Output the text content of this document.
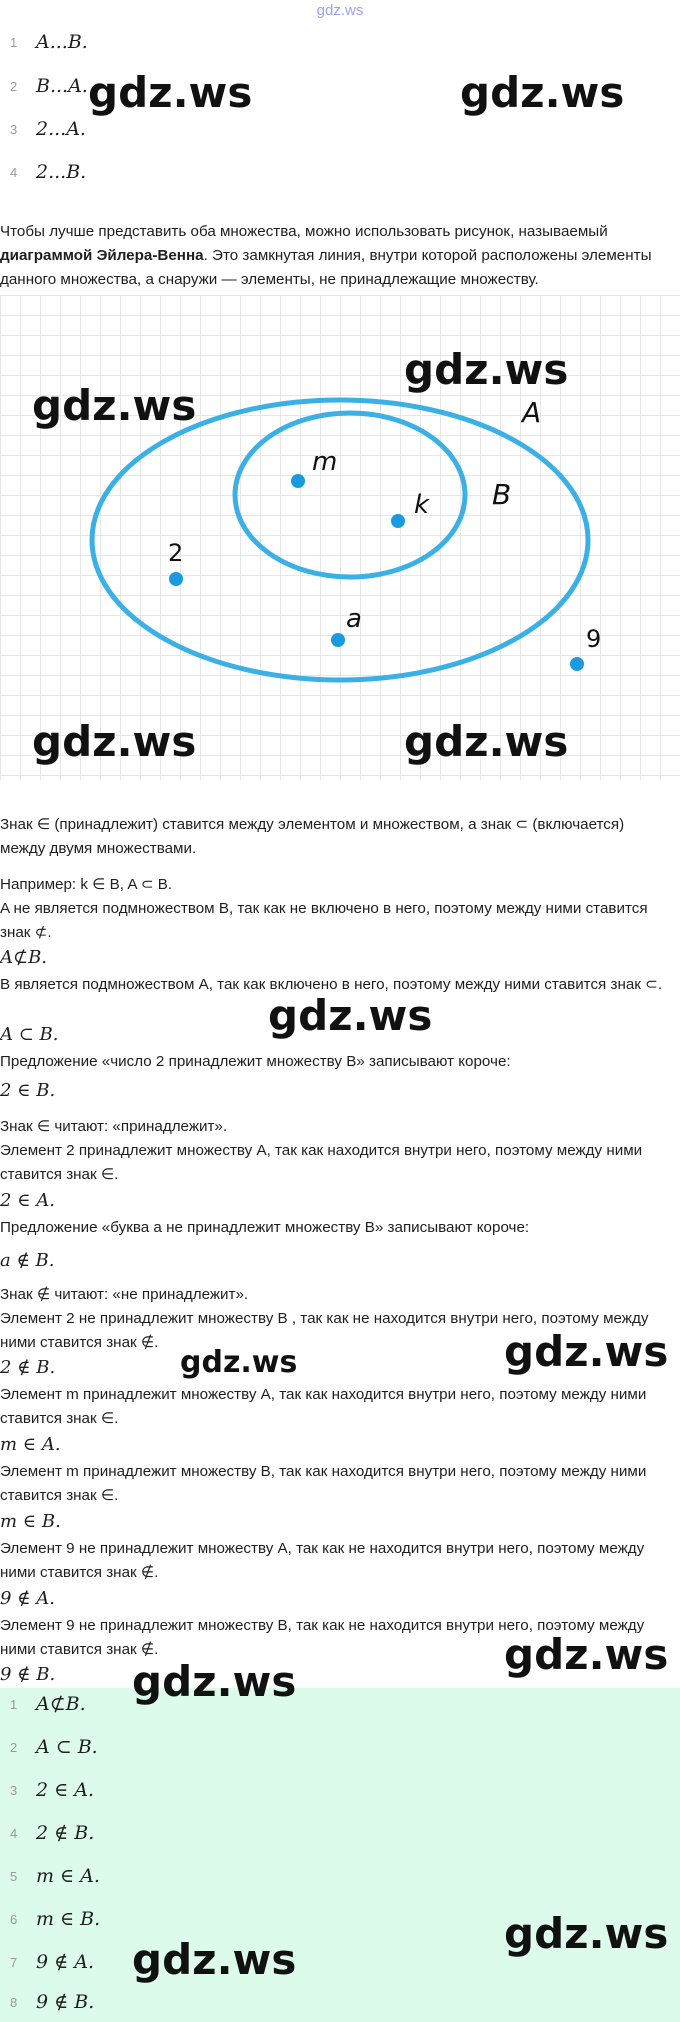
gdz.ws
1 A...B.
2 B...A.
3 2...A.
4 2...B.
Чтобы лучше представить оба множества, можно использовать рисунок, называемый диаграммой Эйлера-Венна. Это замкнутая линия, внутри которой расположены элементы данного множества, а снаружи — элементы, не принадлежащие множеству.
A
B
m
k
2
a
9
Знак ∈ (принадлежит) ставится между элементом и множеством, а знак ⊂ (включается) между двумя множествами.
Например: k ∈ B, A ⊂ B.
A не является подмножеством B, так как не включено в него, поэтому между ними ставится знак ⊄.
A⊄B.
B является подмножеством A, так как включено в него, поэтому между ними ставится знак ⊂.
A ⊂ B.
Предложение «число 2 принадлежит множеству B» записывают короче:
2 ∈ B.
Знак ∈ читают: «принадлежит».
Элемент 2 принадлежит множеству A, так как находится внутри него, поэтому между ними ставится знак ∈.
2 ∈ A.
Предложение «буква a не принадлежит множеству B» записывают короче:
a ∉ B.
Знак ∉ читают: «не принадлежит».
Элемент 2 не принадлежит множеству B , так как не находится внутри него, поэтому между ними ставится знак ∉.
2 ∉ B.
Элемент m принадлежит множеству A, так как находится внутри него, поэтому между ними ставится знак ∈.
m ∈ A.
Элемент m принадлежит множеству B, так как находится внутри него, поэтому между ними ставится знак ∈.
m ∈ B.
Элемент 9 не принадлежит множеству A, так как не находится внутри него, поэтому между ними ставится знак ∉.
9 ∉ A.
Элемент 9 не принадлежит множеству B, так как не находится внутри него, поэтому между ними ставится знак ∉.
9 ∉ B.
1 A⊄B.
2 A ⊂ B.
3 2 ∈ A.
4 2 ∉ B.
5 m ∈ A.
6 m ∈ B.
7 9 ∉ A.
8 9 ∉ B.
gdz.ws	gdz.ws
gdz.ws
gdz.ws
gdz.ws	gdz.ws
gdz.ws
gdz.ws	gdz.ws
gdz.ws
gdz.ws
gdz.ws
gdz.ws
